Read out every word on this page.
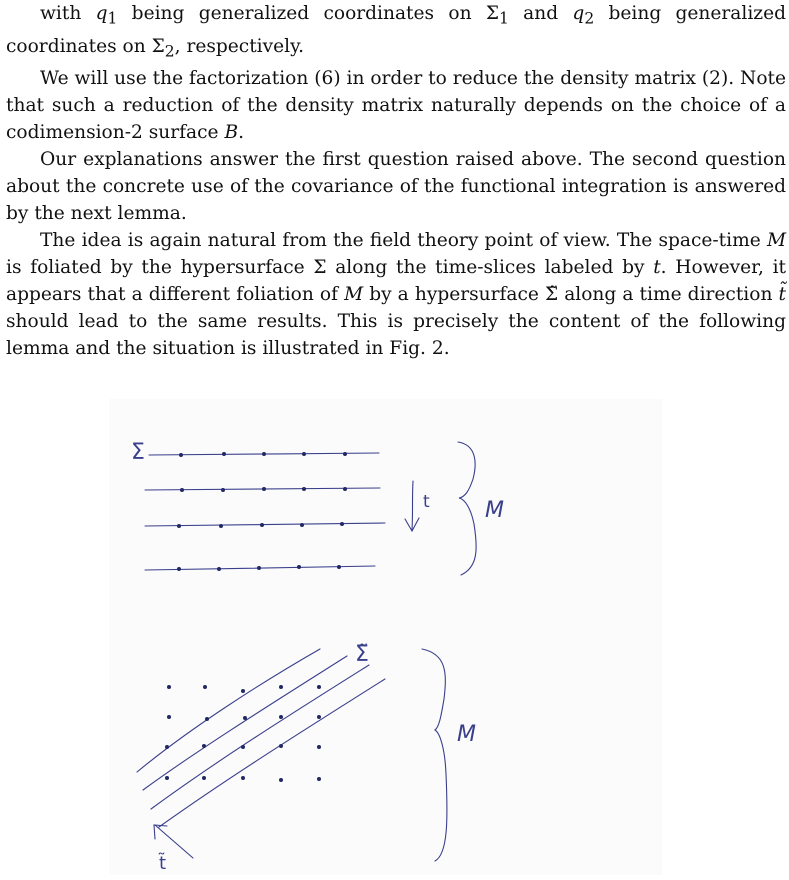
with $q_1$ being generalized coordinates on $\Sigma_1$ and $q_2$ being generalized coordinates on $\Sigma_2$, respectively.

We will use the factorization (6) in order to reduce the density matrix (2). Note that such a reduction of the density matrix naturally depends on the choice of a codimension-2 surface B.

Our explanations answer the first question raised above. The second question about the concrete use of the covariance of the functional integration is answered by the next lemma.

The idea is again natural from the field theory point of view. The space-time M is foliated by the hypersurface Σ along the time-slices labeled by t. However, it appears that a different foliation of M by a hypersurface Σ̃ along a time direction t̃ should lead to the same results. This is precisely the content of the following lemma and the situation is illustrated in Fig. 2.

Σ
t	M
Σ̃
M
t̃
